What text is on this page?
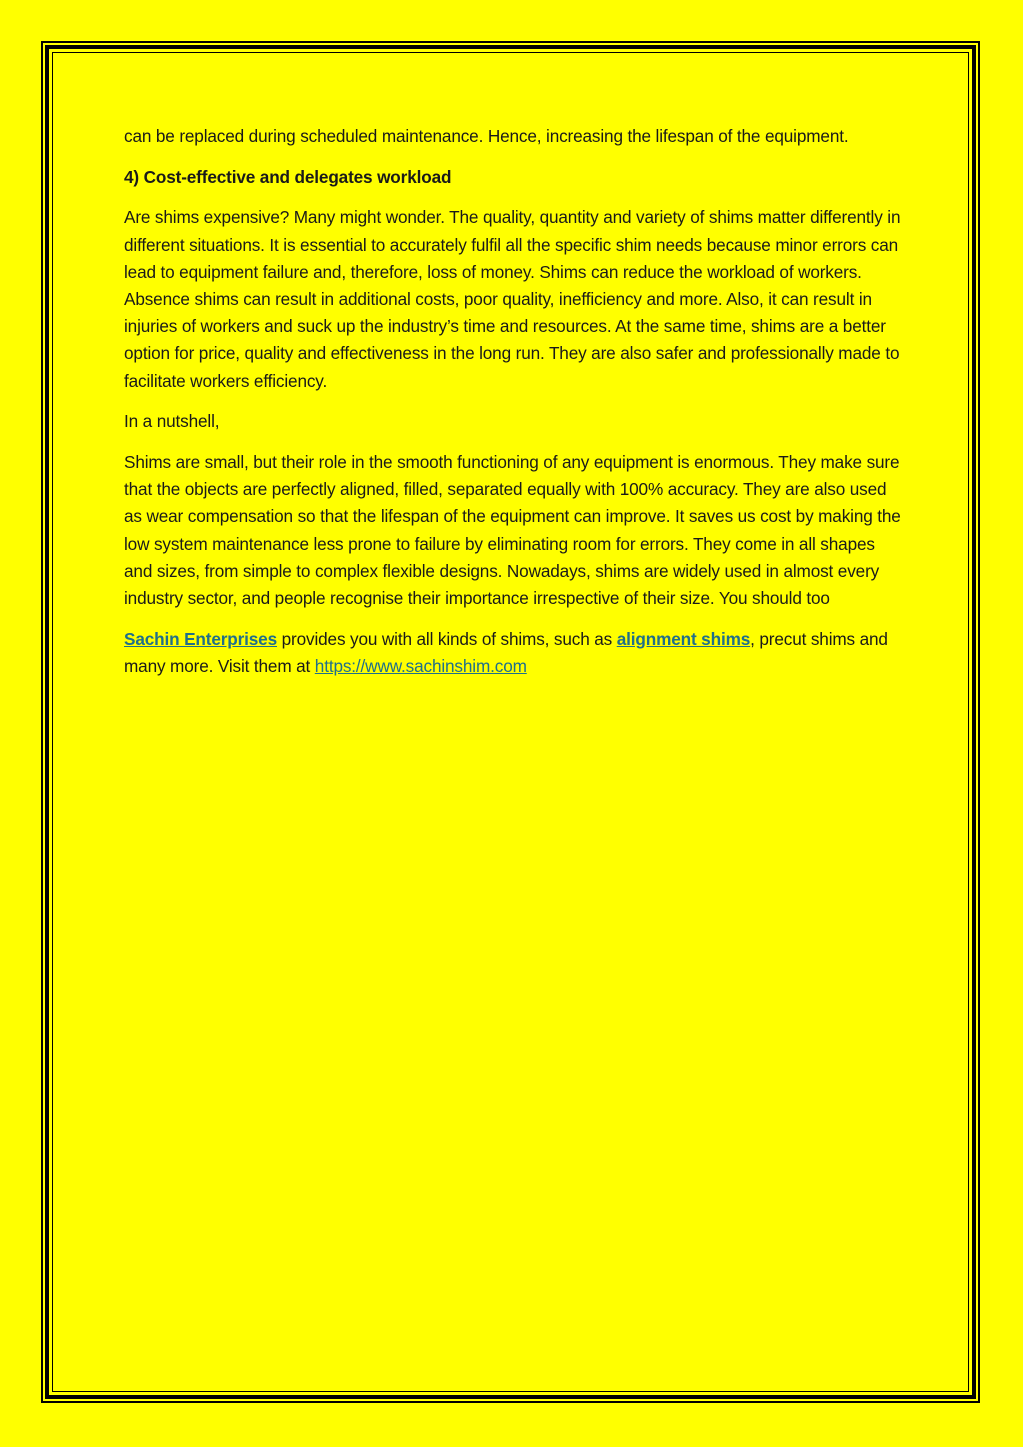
can be replaced during scheduled maintenance. Hence, increasing the lifespan of the equipment.

4) Cost-effective and delegates workload

Are shims expensive? Many might wonder. The quality, quantity and variety of shims matter differently in different situations. It is essential to accurately fulfil all the specific shim needs because minor errors can lead to equipment failure and, therefore, loss of money. Shims can reduce the workload of workers. Absence shims can result in additional costs, poor quality, inefficiency and more. Also, it can result in injuries of workers and suck up the industry’s time and resources. At the same time, shims are a better option for price, quality and effectiveness in the long run. They are also safer and professionally made to facilitate workers efficiency.

In a nutshell,

Shims are small, but their role in the smooth functioning of any equipment is enormous. They make sure that the objects are perfectly aligned, filled, separated equally with 100% accuracy. They are also used as wear compensation so that the lifespan of the equipment can improve. It saves us cost by making the low system maintenance less prone to failure by eliminating room for errors. They come in all shapes and sizes, from simple to complex flexible designs. Nowadays, shims are widely used in almost every industry sector, and people recognise their importance irrespective of their size. You should too

Sachin Enterprises provides you with all kinds of shims, such as alignment shims, precut shims and many more. Visit them at https://www.sachinshim.com
